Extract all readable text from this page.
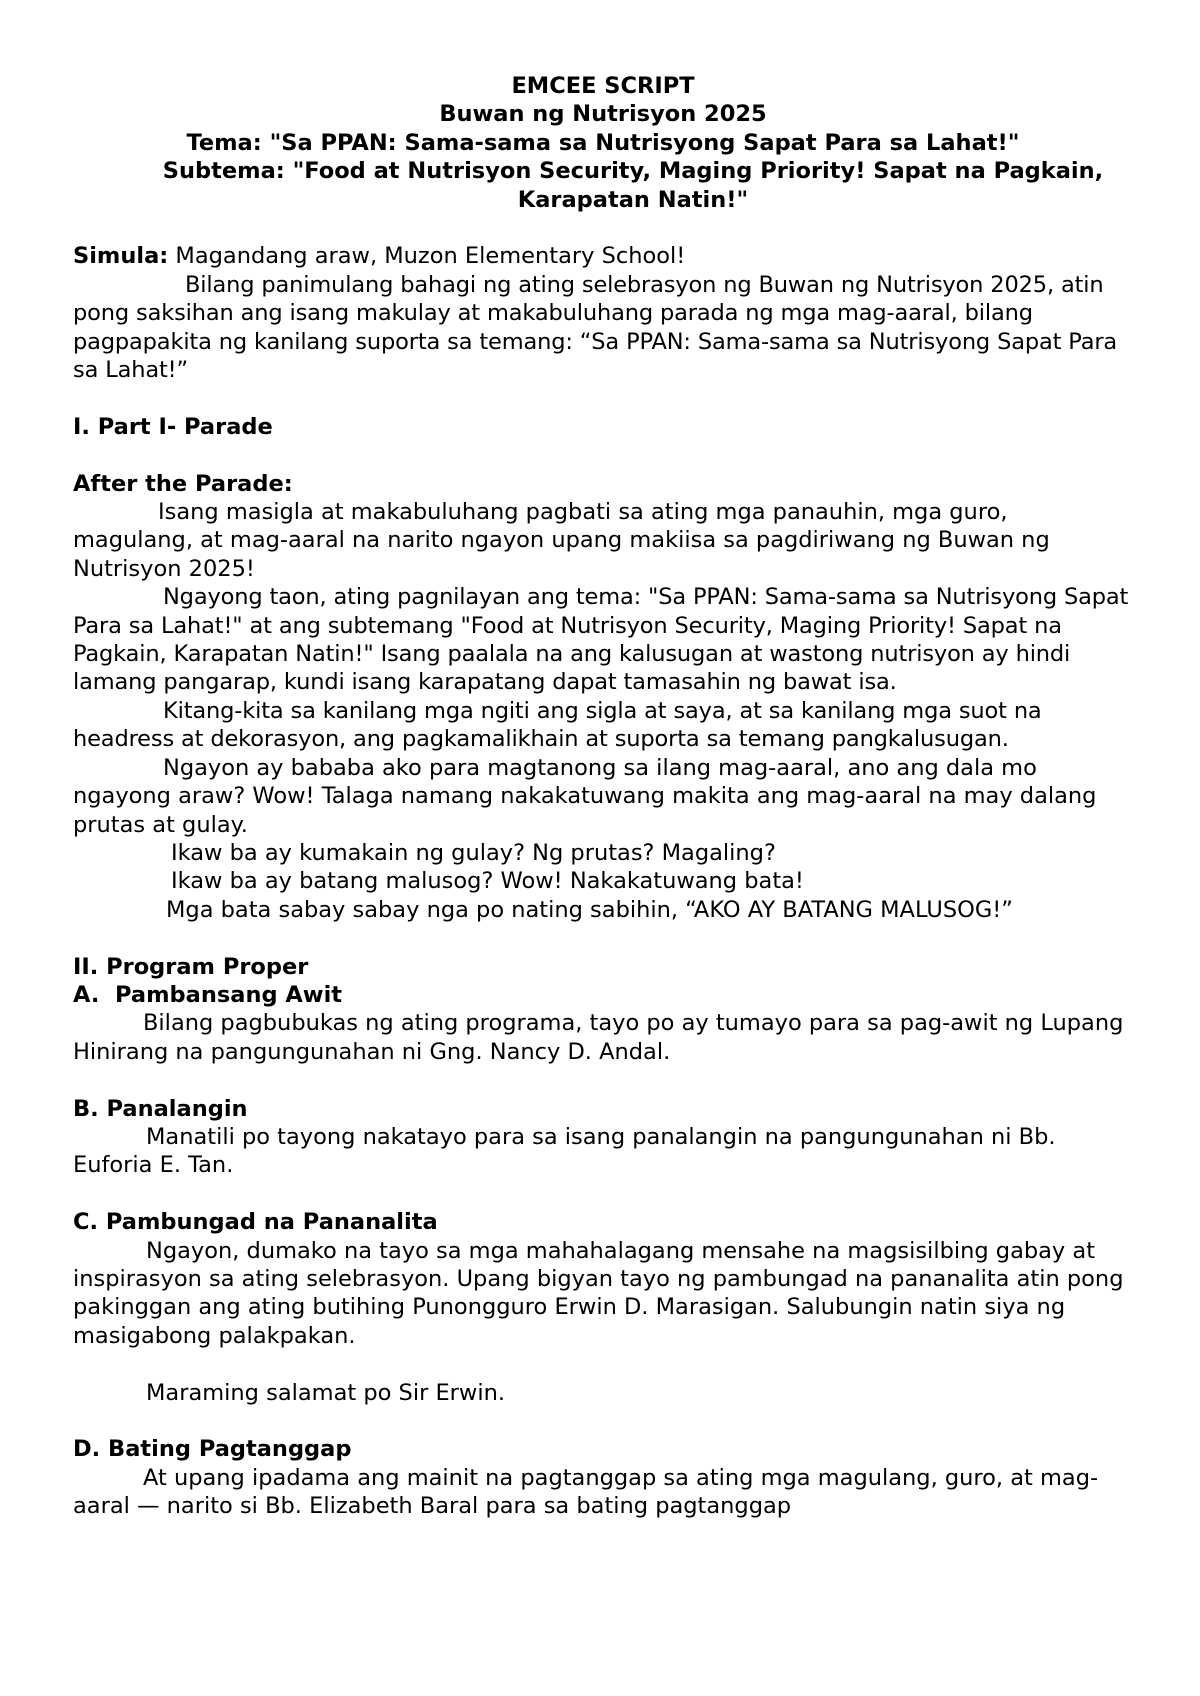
EMCEE SCRIPT

Buwan ng Nutrisyon 2025

Tema: "Sa PPAN: Sama-sama sa Nutrisyong Sapat Para sa Lahat!"

Subtema: "Food at Nutrisyon Security, Maging Priority! Sapat na Pagkain, Karapatan Natin!"

Simula: Magandang araw, Muzon Elementary School!

Bilang panimulang bahagi ng ating selebrasyon ng Buwan ng Nutrisyon 2025, atin pong saksihan ang isang makulay at makabuluhang parada ng mga mag-aaral, bilang pagpapakita ng kanilang suporta sa temang: “Sa PPAN: Sama-sama sa Nutrisyong Sapat Para sa Lahat!”

I. Part I- Parade

After the Parade:

Isang masigla at makabuluhang pagbati sa ating mga panauhin, mga guro, magulang, at mag-aaral na narito ngayon upang makiisa sa pagdiriwang ng Buwan ng Nutrisyon 2025!

Ngayong taon, ating pagnilayan ang tema: "Sa PPAN: Sama-sama sa Nutrisyong Sapat Para sa Lahat!" at ang subtemang "Food at Nutrisyon Security, Maging Priority! Sapat na Pagkain, Karapatan Natin!" Isang paalala na ang kalusugan at wastong nutrisyon ay hindi lamang pangarap, kundi isang karapatang dapat tamasahin ng bawat isa.

Kitang-kita sa kanilang mga ngiti ang sigla at saya, at sa kanilang mga suot na headress at dekorasyon, ang pagkamalikhain at suporta sa temang pangkalusugan.

Ngayon ay bababa ako para magtanong sa ilang mag-aaral, ano ang dala mo ngayong araw? Wow! Talaga namang nakakatuwang makita ang mag-aaral na may dalang prutas at gulay.

Ikaw ba ay kumakain ng gulay? Ng prutas? Magaling?

Ikaw ba ay batang malusog? Wow! Nakakatuwang bata!

Mga bata sabay sabay nga po nating sabihin, “AKO AY BATANG MALUSOG!”

II. Program Proper

A.  Pambansang Awit

Bilang pagbubukas ng ating programa, tayo po ay tumayo para sa pag-awit ng Lupang Hinirang na pangungunahan ni Gng. Nancy D. Andal.

B. Panalangin

Manatili po tayong nakatayo para sa isang panalangin na pangungunahan ni Bb. Euforia E. Tan.

C. Pambungad na Pananalita

Ngayon, dumako na tayo sa mga mahahalagang mensahe na magsisilbing gabay at inspirasyon sa ating selebrasyon. Upang bigyan tayo ng pambungad na pananalita atin pong pakinggan ang ating butihing Punongguro Erwin D. Marasigan. Salubungin natin siya ng masigabong palakpakan.

Maraming salamat po Sir Erwin.

D. Bating Pagtanggap

At upang ipadama ang mainit na pagtanggap sa ating mga magulang, guro, at mag-aaral — narito si Bb. Elizabeth Baral para sa bating pagtanggap
